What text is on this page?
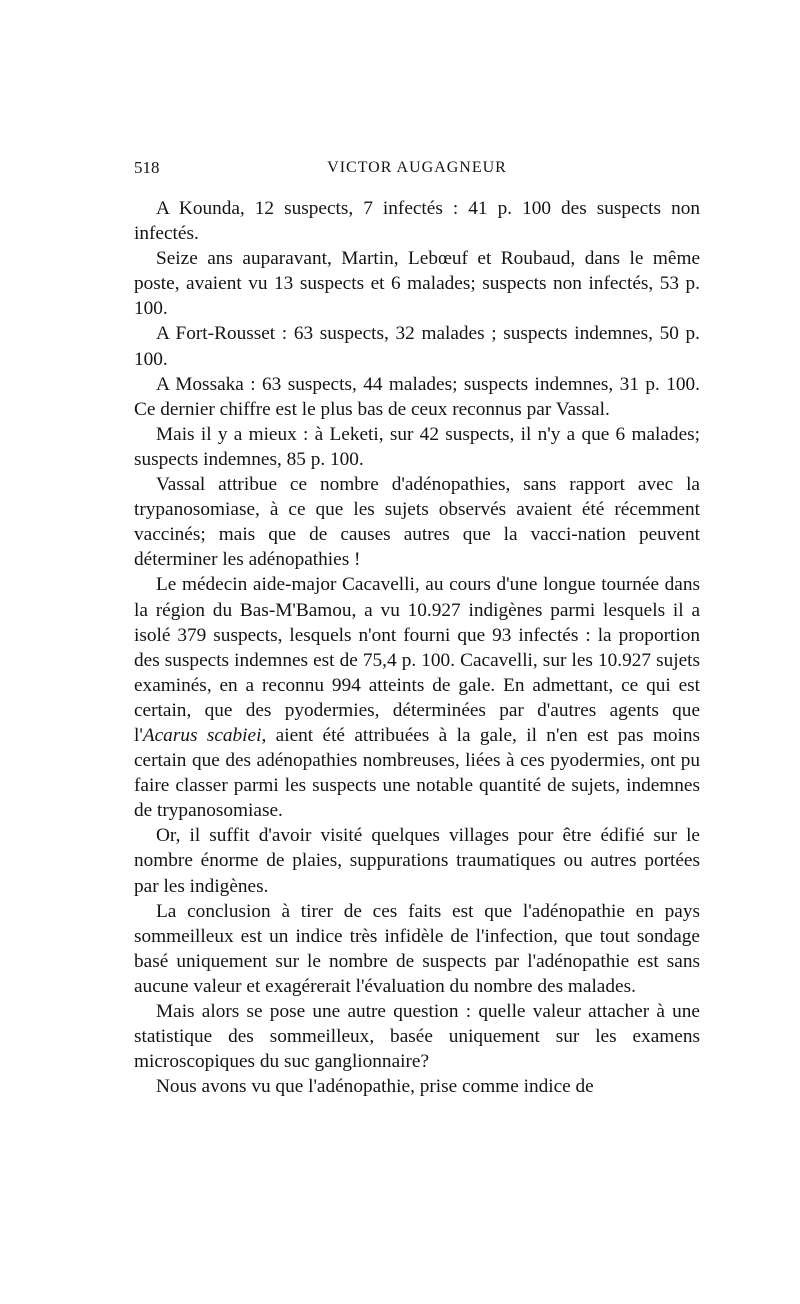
518	VICTOR AUGAGNEUR

A Kounda, 12 suspects, 7 infectés : 41 p. 100 des suspects non infectés.

Seize ans auparavant, Martin, Lebœuf et Roubaud, dans le même poste, avaient vu 13 suspects et 6 malades; suspects non infectés, 53 p. 100.

A Fort-Rousset : 63 suspects, 32 malades ; suspects indemnes, 50 p. 100.

A Mossaka : 63 suspects, 44 malades; suspects indemnes, 31 p. 100. Ce dernier chiffre est le plus bas de ceux reconnus par Vassal.

Mais il y a mieux : à Leketi, sur 42 suspects, il n'y a que 6 malades; suspects indemnes, 85 p. 100.

Vassal attribue ce nombre d'adénopathies, sans rapport avec la trypanosomiase, à ce que les sujets observés avaient été récemment vaccinés; mais que de causes autres que la vacci-nation peuvent déterminer les adénopathies !

Le médecin aide-major Cacavelli, au cours d'une longue tournée dans la région du Bas-M'Bamou, a vu 10.927 indigènes parmi lesquels il a isolé 379 suspects, lesquels n'ont fourni que 93 infectés : la proportion des suspects indemnes est de 75,4 p. 100. Cacavelli, sur les 10.927 sujets examinés, en a reconnu 994 atteints de gale. En admettant, ce qui est certain, que des pyodermies, déterminées par d'autres agents que l'Acarus scabiei, aient été attribuées à la gale, il n'en est pas moins certain que des adénopathies nombreuses, liées à ces pyodermies, ont pu faire classer parmi les suspects une notable quantité de sujets, indemnes de trypanosomiase.

Or, il suffit d'avoir visité quelques villages pour être édifié sur le nombre énorme de plaies, suppurations traumatiques ou autres portées par les indigènes.

La conclusion à tirer de ces faits est que l'adénopathie en pays sommeilleux est un indice très infidèle de l'infection, que tout sondage basé uniquement sur le nombre de suspects par l'adénopathie est sans aucune valeur et exagérerait l'évaluation du nombre des malades.

Mais alors se pose une autre question : quelle valeur attacher à une statistique des sommeilleux, basée uniquement sur les examens microscopiques du suc ganglionnaire?

Nous avons vu que l'adénopathie, prise comme indice de
